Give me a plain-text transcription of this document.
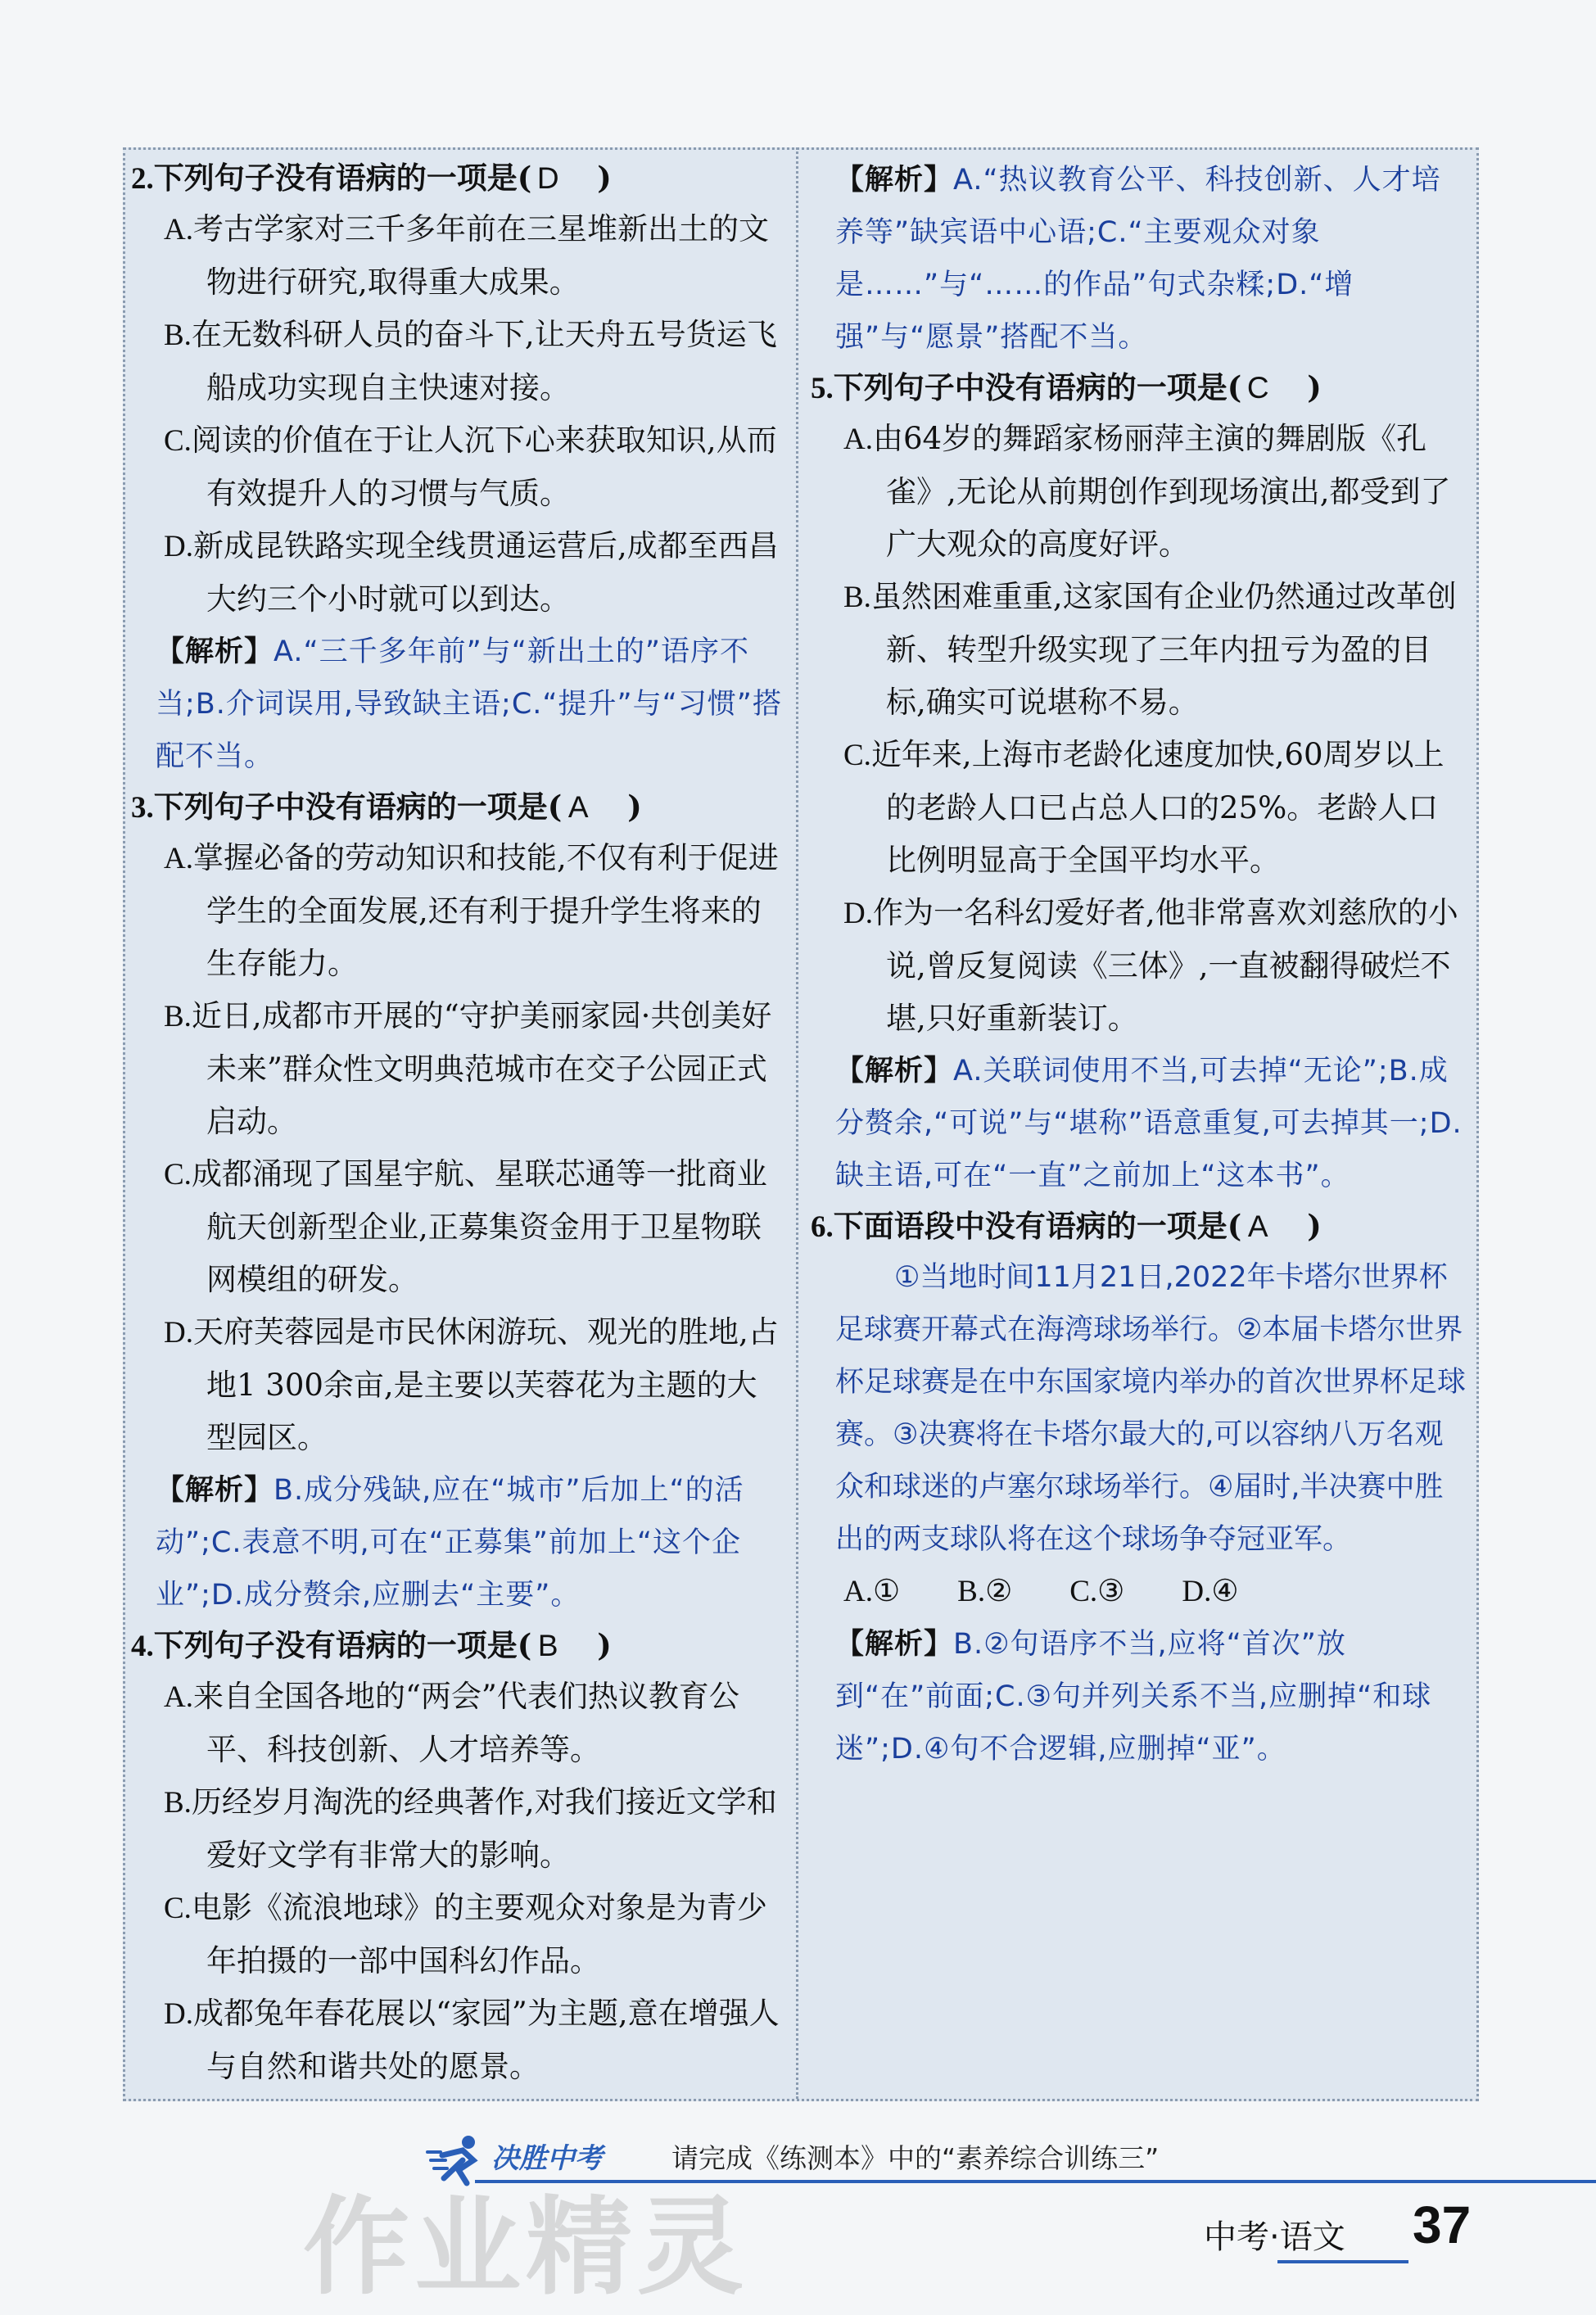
2.下列句子没有语病的一项是( D )

A.考古学家对三千多年前在三星堆新出土的文物进行研究,取得重大成果。

B.在无数科研人员的奋斗下,让天舟五号货运飞船成功实现自主快速对接。

C.阅读的价值在于让人沉下心来获取知识,从而有效提升人的习惯与气质。

D.新成昆铁路实现全线贯通运营后,成都至西昌大约三个小时就可以到达。

【解析】A.“三千多年前”与“新出土的”语序不当;B.介词误用,导致缺主语;C.“提升”与“习惯”搭配不当。

3.下列句子中没有语病的一项是( A )

A.掌握必备的劳动知识和技能,不仅有利于促进学生的全面发展,还有利于提升学生将来的生存能力。

B.近日,成都市开展的“守护美丽家园·共创美好未来”群众性文明典范城市在交子公园正式启动。

C.成都涌现了国星宇航、星联芯通等一批商业航天创新型企业,正募集资金用于卫星物联网模组的研发。

D.天府芙蓉园是市民休闲游玩、观光的胜地,占地1 300余亩,是主要以芙蓉花为主题的大型园区。

【解析】B.成分残缺,应在“城市”后加上“的活动”;C.表意不明,可在“正募集”前加上“这个企业”;D.成分赘余,应删去“主要”。

4.下列句子没有语病的一项是( B )

A.来自全国各地的“两会”代表们热议教育公平、科技创新、人才培养等。

B.历经岁月淘洗的经典著作,对我们接近文学和爱好文学有非常大的影响。

C.电影《流浪地球》的主要观众对象是为青少年拍摄的一部中国科幻作品。

D.成都兔年春花展以“家园”为主题,意在增强人与自然和谐共处的愿景。

【解析】A.“热议教育公平、科技创新、人才培养等”缺宾语中心语;C.“主要观众对象是……”与“……的作品”句式杂糅;D.“增强”与“愿景”搭配不当。

5.下列句子中没有语病的一项是( C )

A.由64岁的舞蹈家杨丽萍主演的舞剧版《孔雀》,无论从前期创作到现场演出,都受到了广大观众的高度好评。

B.虽然困难重重,这家国有企业仍然通过改革创新、转型升级实现了三年内扭亏为盈的目标,确实可说堪称不易。

C.近年来,上海市老龄化速度加快,60周岁以上的老龄人口已占总人口的25%。老龄人口比例明显高于全国平均水平。

D.作为一名科幻爱好者,他非常喜欢刘慈欣的小说,曾反复阅读《三体》,一直被翻得破烂不堪,只好重新装订。

【解析】A.关联词使用不当,可去掉“无论”;B.成分赘余,“可说”与“堪称”语意重复,可去掉其一;D.缺主语,可在“一直”之前加上“这本书”。

6.下面语段中没有语病的一项是( A )

①当地时间11月21日,2022年卡塔尔世界杯足球赛开幕式在海湾球场举行。②本届卡塔尔世界杯足球赛是在中东国家境内举办的首次世界杯足球赛。③决赛将在卡塔尔最大的,可以容纳八万名观众和球迷的卢塞尔球场举行。④届时,半决赛中胜出的两支球队将在这个球场争夺冠亚军。

A.① B.② C.③ D.④

【解析】B.②句语序不当,应将“首次”放到“在”前面;C.③句并列关系不当,应删掉“和球迷”;D.④句不合逻辑,应删掉“亚”。

作业精灵
决胜中考	请完成《练测本》中的“素养综合训练三”
中考·语文 37
